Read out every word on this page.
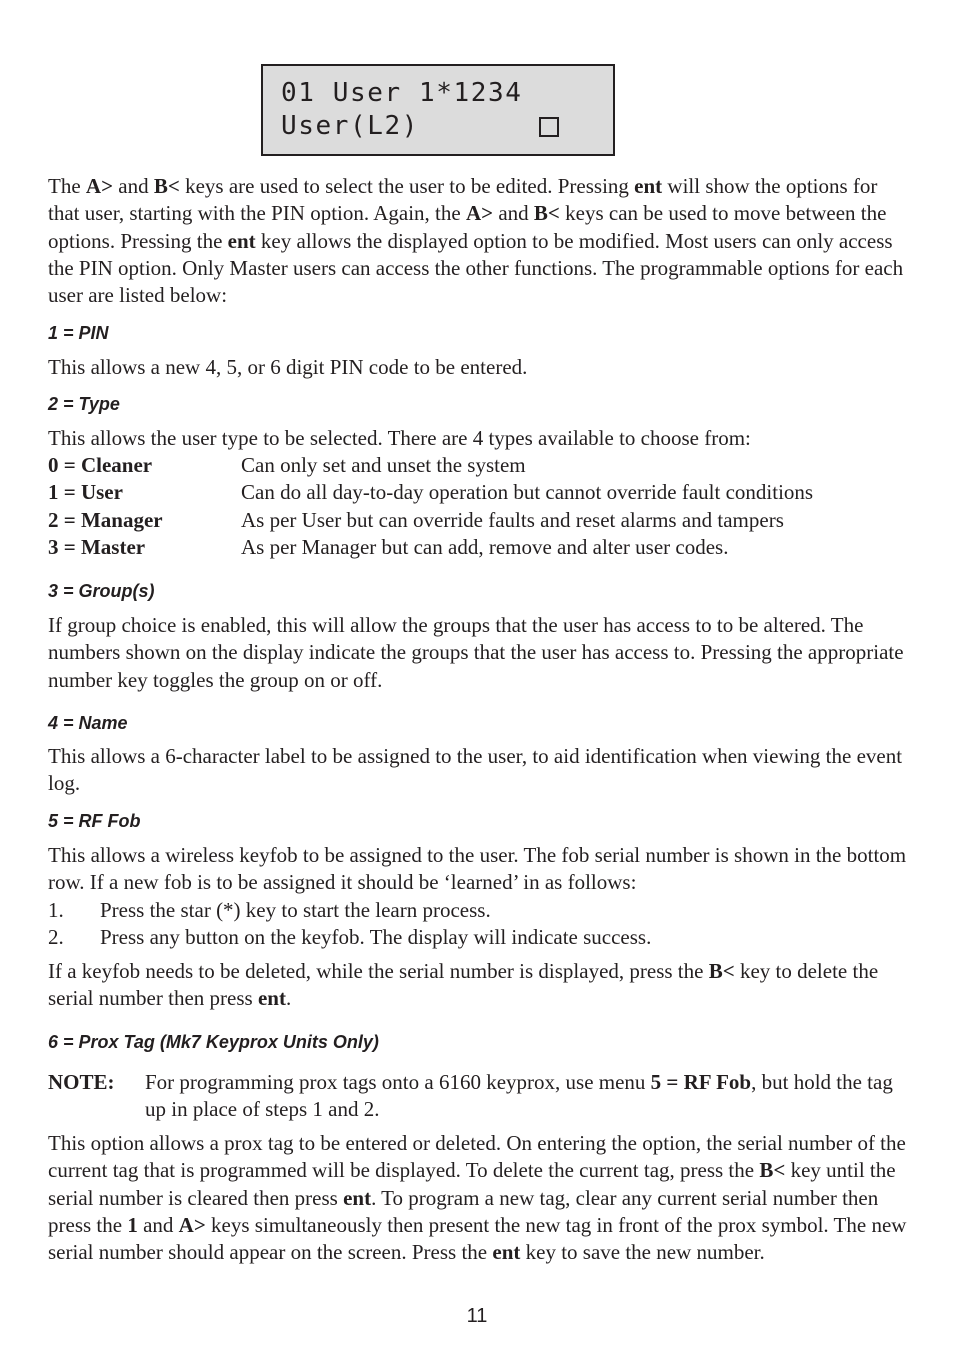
01 User 1*1234
User(L2)

The A> and B< keys are used to select the user to be edited. Pressing ent will show the options for that user, starting with the PIN option. Again, the A> and B< keys can be used to move between the options. Pressing the ent key allows the displayed option to be modified. Most users can only access the PIN option. Only Master users can access the other functions. The programmable options for each user are listed below:

1 = PIN

This allows a new 4, 5, or 6 digit PIN code to be entered.

2 = Type

This allows the user type to be selected. There are 4 types available to choose from:

0 = Cleaner	Can only set and unset the system
1 = User	Can do all day-to-day operation but cannot override fault conditions
2 = Manager	As per User but can override faults and reset alarms and tampers
3 = Master	As per Manager but can add, remove and alter user codes.
3 = Group(s)

If group choice is enabled, this will allow the groups that the user has access to to be altered. The numbers shown on the display indicate the groups that the user has access to. Pressing the appropriate number key toggles the group on or off.

4 = Name

This allows a 6-character label to be assigned to the user, to aid identification when viewing the event log.

5 = RF Fob

This allows a wireless keyfob to be assigned to the user. The fob serial number is shown in the bottom row. If a new fob is to be assigned it should be ‘learned’ in as follows:

1. Press the star (*) key to start the learn process.
2. Press any button on the keyfob. The display will indicate success.

If a keyfob needs to be deleted, while the serial number is displayed, press the B< key to delete the serial number then press ent.

6 = Prox Tag (Mk7 Keyprox Units Only)
NOTE: For programming prox tags onto a 6160 keyprox, use menu 5 = RF Fob, but hold the tag up in place of steps 1 and 2.

This option allows a prox tag to be entered or deleted. On entering the option, the serial number of the current tag that is programmed will be displayed. To delete the current tag, press the B< key until the serial number is cleared then press ent. To program a new tag, clear any current serial number then press the 1 and A> keys simultaneously then present the new tag in front of the prox symbol. The new serial number should appear on the screen. Press the ent key to save the new number.

11
